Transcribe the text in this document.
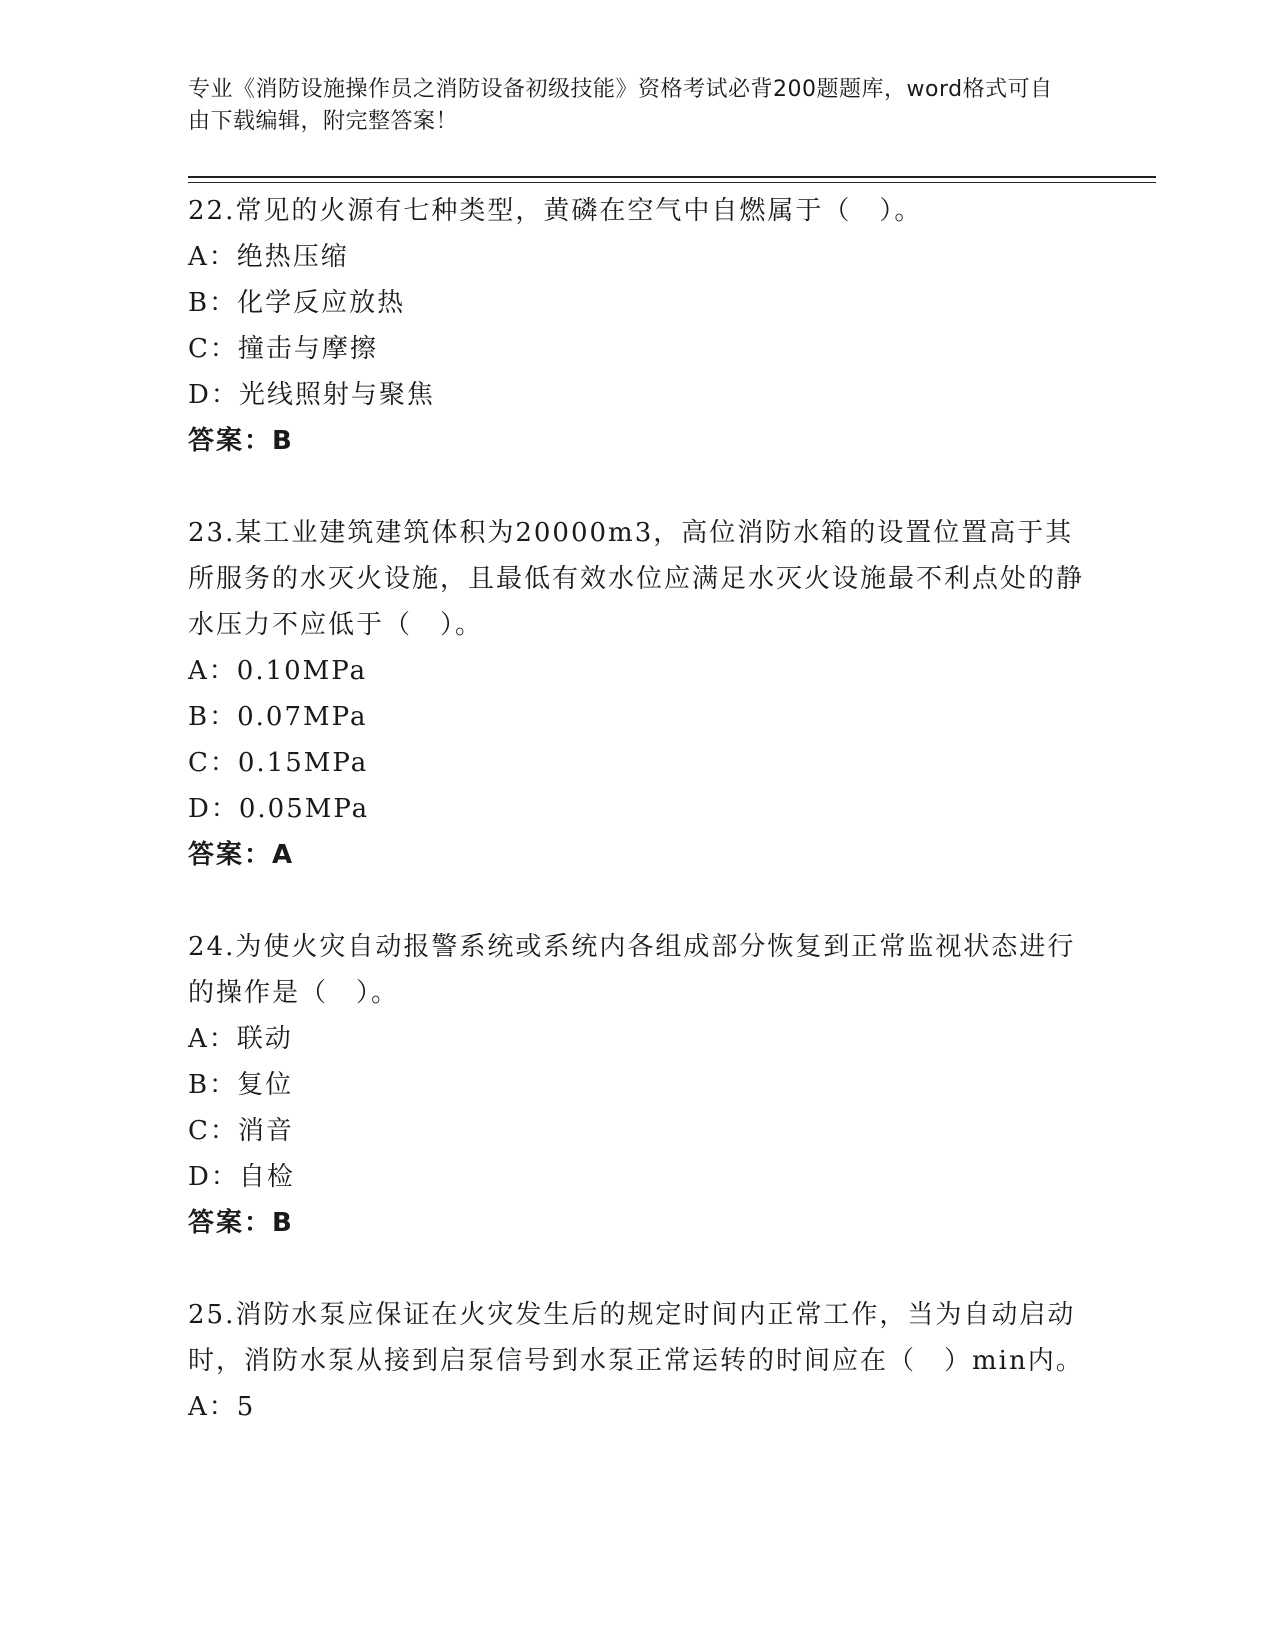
专业《消防设施操作员之消防设备初级技能》资格考试必背200题题库，word格式可自由下载编辑，附完整答案！

22.常见的火源有七种类型，黄磷在空气中自燃属于（　）。

A：绝热压缩

B：化学反应放热

C：撞击与摩擦

D：光线照射与聚焦

答案：B

23.某工业建筑建筑体积为20000m3，高位消防水箱的设置位置高于其所服务的水灭火设施，且最低有效水位应满足水灭火设施最不利点处的静水压力不应低于（　）。

A：0.10MPa

B：0.07MPa

C：0.15MPa

D：0.05MPa

答案：A

24.为使火灾自动报警系统或系统内各组成部分恢复到正常监视状态进行的操作是（　）。

A：联动

B：复位

C：消音

D：自检

答案：B

25.消防水泵应保证在火灾发生后的规定时间内正常工作，当为自动启动时，消防水泵从接到启泵信号到水泵正常运转的时间应在（　）min内。

A：5
